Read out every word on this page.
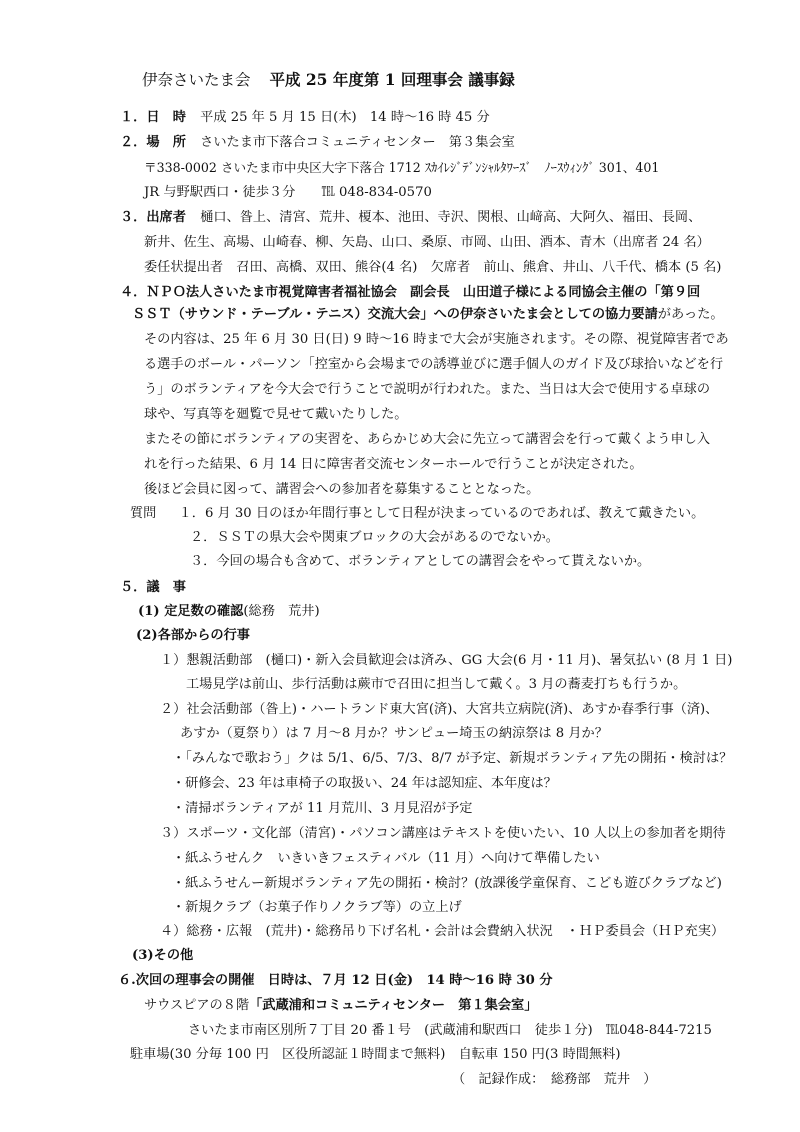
伊奈さいたま会 平成 25 年度第 1 回理事会 議事録
１．日　時 平成 25 年 5 月 15 日(木)　14 時～16 時 45 分
２．場　所 さいたま市下落合コミュニティセンター　第３集会室
〒338-0002 さいたま市中央区大字下落合 1712 ｽｶｲﾚｼﾞﾃﾞﾝｼｬﾙﾀﾜｰｽﾞ　ﾉｰｽｳｨﾝｸﾞ 301、401
JR 与野駅西口・徒歩３分　　℡ 048-834-0570
３．出席者 樋口、昝上、清宮、荒井、榎本、池田、寺沢、関根、山﨑高、大阿久、福田、長岡、
新井、佐生、高場、山崎春、柳、矢島、山口、桑原、市岡、山田、酒本、青木（出席者 24 名）
委任状提出者　召田、高橋、双田、熊谷(4 名)　欠席者　前山、熊倉、井山、八千代、橋本 (5 名)
４．ＮＰＯ法人さいたま市視覚障害者福祉協会　副会長　山田道子様による同協会主催の「第９回
ＳＳＴ（サウンド・テーブル・テニス）交流大会」への伊奈さいたま会としての協力要請があった。
その内容は、25 年 6 月 30 日(日) 9 時～16 時まで大会が実施されます。その際、視覚障害者であ
る選手のボール・パーソン「控室から会場までの誘導並びに選手個人のガイド及び球拾いなどを行
う」のボランティアを今大会で行うことで説明が行われた。また、当日は大会で使用する卓球の
球や、写真等を廻覧で見せて戴いたりした。
またその節にボランティアの実習を、あらかじめ大会に先立って講習会を行って戴くよう申し入
れを行った結果、6 月 14 日に障害者交流センターホールで行うことが決定された。
後ほど会員に図って、講習会への参加者を募集することとなった。
質問 １．6 月 30 日のほか年間行事として日程が決まっているのであれば、教えて戴きたい。
２．ＳＳＴの県大会や関東ブロックの大会があるのでないか。
３．今回の場合も含めて、ボランティアとしての講習会をやって貰えないか。
５．議　事
(1) 定足数の確認(総務　荒井)
(2)各部からの行事
１）懇親活動部　(樋口)・新入会員歓迎会は済み、GG 大会(6 月・11 月)、暑気払い (8 月 1 日)
工場見学は前山、歩行活動は蕨市で召田に担当して戴く。3 月の蕎麦打ちも行うか。
２）社会活動部（昝上)・ハートランド東大宮(済)、大宮共立病院(済)、あすか春季行事（済)、
あすか（夏祭り）は 7 月～8 月か？サンピュー埼玉の納涼祭は 8 月か？
・「みんなで歌おう」クは 5/1、6/5、7/3、8/7 が予定、新規ボランティア先の開拓・検討は？
・研修会、23 年は車椅子の取扱い、24 年は認知症、本年度は？
・清掃ボランティアが 11 月荒川、3 月見沼が予定
３）スポーツ・文化部（清宮)・パソコン講座はテキストを使いたい、10 人以上の参加者を期待
・紙ふうせんク　いきいきフェスティバル（11 月）へ向けて準備したい
・紙ふうせんー新規ボランティア先の開拓・検討？(放課後学童保育、こども遊びクラブなど)
・新規クラブ（お菓子作りノクラブ等）の立上げ
４）総務・広報　(荒井)・総務吊り下げ名札・会計は会費納入状況　・ＨＰ委員会（ＨＰ充実）
(3)その他
６.次回の理事会の開催　日時は、７月 12 日(金)　14 時～16 時 30 分
サウスピアの８階「武蔵浦和コミュニティセンター　第１集会室」
さいたま市南区別所７丁目 20 番１号　(武蔵浦和駅西口　徒歩１分)　℡048-844-7215
駐車場(30 分毎 100 円　区役所認証１時間まで無料)　自転車 150 円(3 時間無料)
（　記録作成：　総務部　荒井　）
